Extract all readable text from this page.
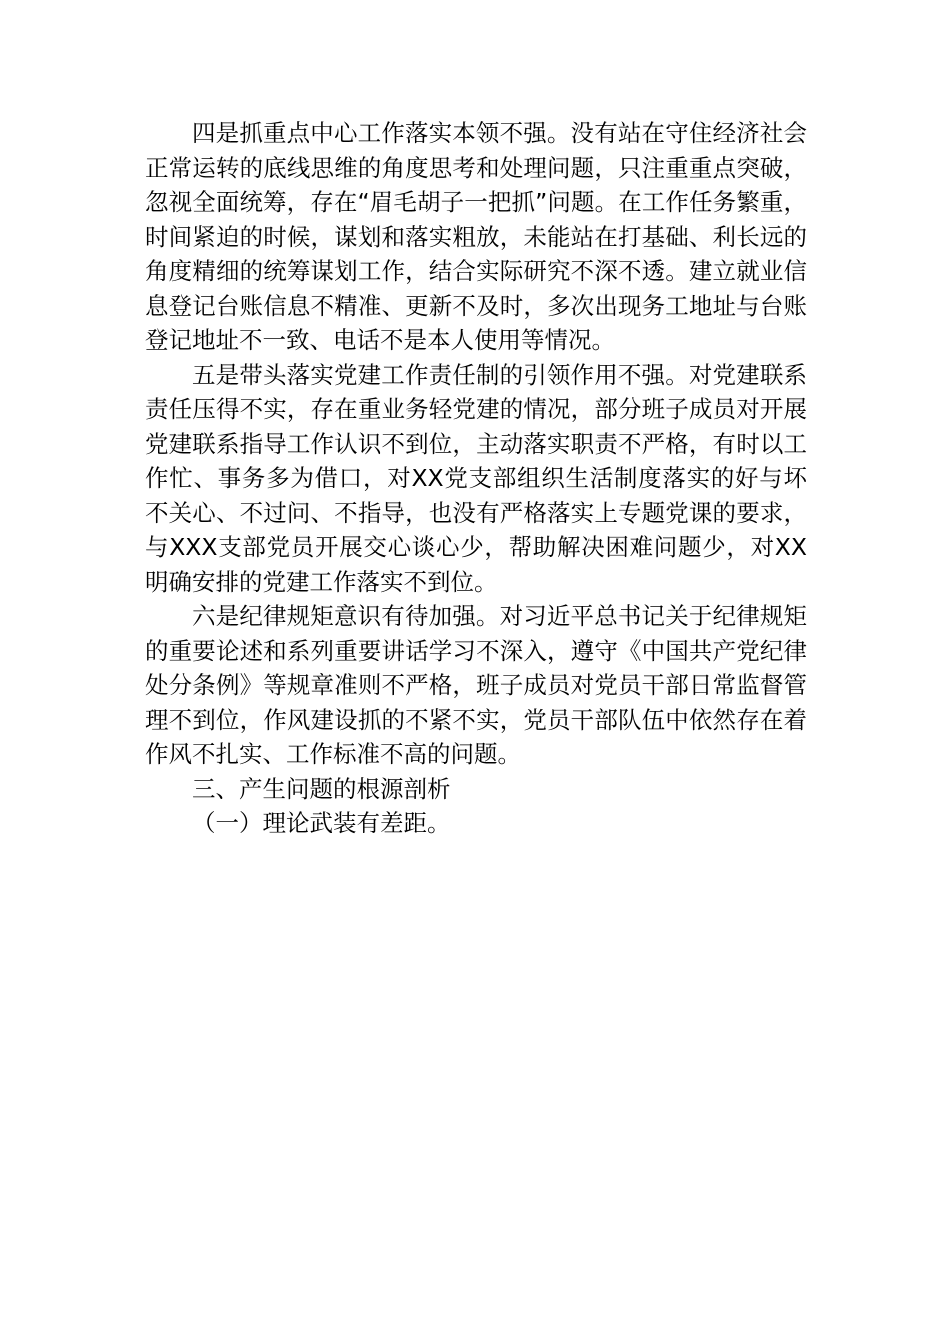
四是抓重点中心工作落实本领不强。没有站在守住经济社会正常运转的底线思维的角度思考和处理问题，只注重重点突破，忽视全面统筹，存在“眉毛胡子一把抓”问题。在工作任务繁重，时间紧迫的时候，谋划和落实粗放，未能站在打基础、利长远的角度精细的统筹谋划工作，结合实际研究不深不透。建立就业信息登记台账信息不精准、更新不及时，多次出现务工地址与台账登记地址不一致、电话不是本人使用等情况。

五是带头落实党建工作责任制的引领作用不强。对党建联系责任压得不实，存在重业务轻党建的情况，部分班子成员对开展党建联系指导工作认识不到位，主动落实职责不严格，有时以工作忙、事务多为借口，对XX党支部组织生活制度落实的好与坏不关心、不过问、不指导，也没有严格落实上专题党课的要求，与XXX支部党员开展交心谈心少，帮助解决困难问题少，对XX明确安排的党建工作落实不到位。

六是纪律规矩意识有待加强。对习近平总书记关于纪律规矩的重要论述和系列重要讲话学习不深入，遵守《中国共产党纪律处分条例》等规章准则不严格，班子成员对党员干部日常监督管理不到位，作风建设抓的不紧不实，党员干部队伍中依然存在着作风不扎实、工作标准不高的问题。

三、产生问题的根源剖析

（一）理论武装有差距。
